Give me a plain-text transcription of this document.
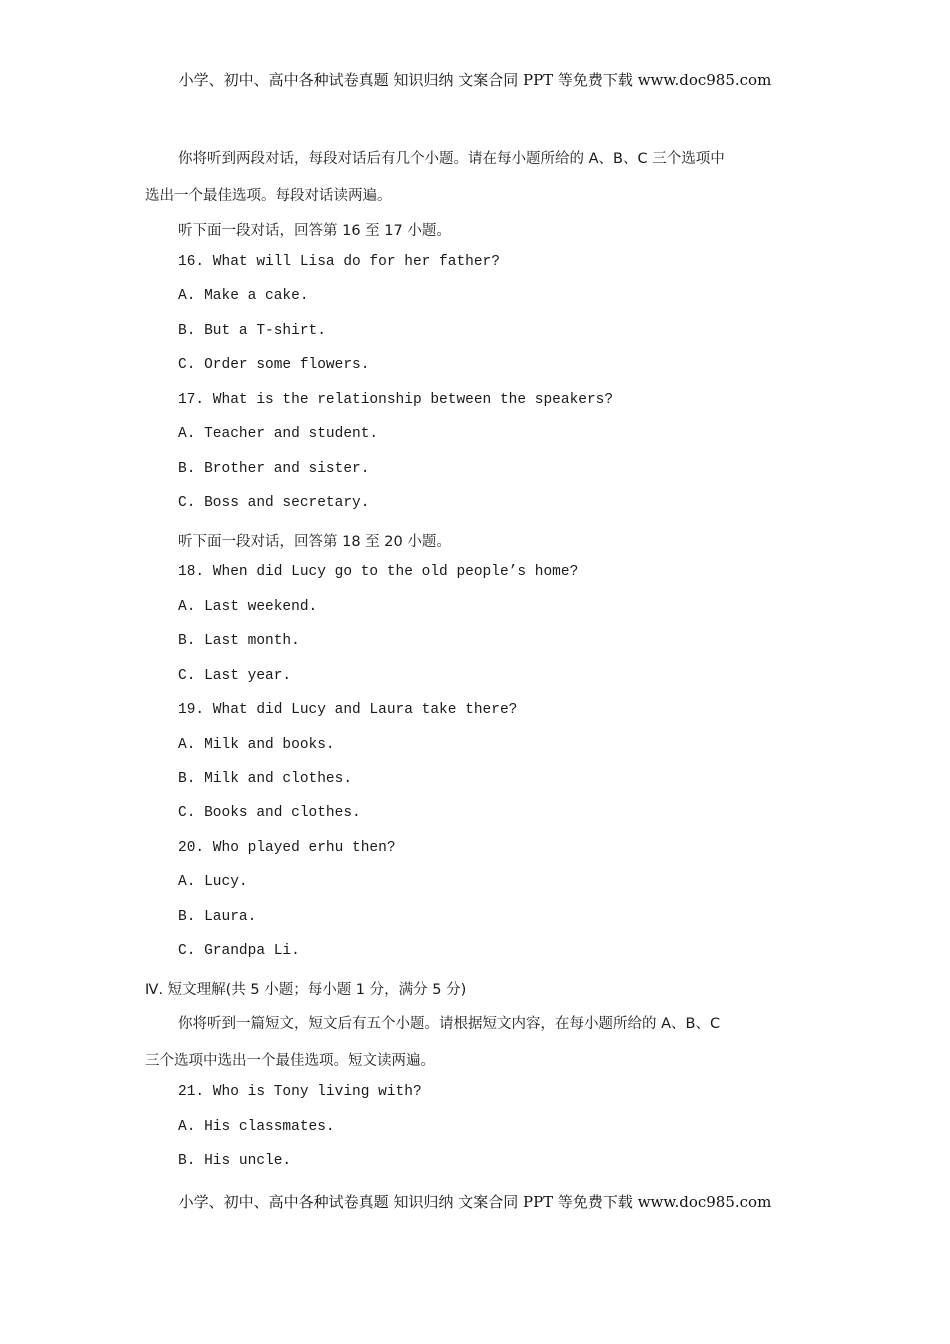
小学、初中、高中各种试卷真题 知识归纳 文案合同 PPT 等免费下载 www.doc985.com
你将听到两段对话，每段对话后有几个小题。请在每小题所给的 A、B、C 三个选项中
选出一个最佳选项。每段对话读两遍。
听下面一段对话，回答第 16 至 17 小题。
16. What will Lisa do for her father?
A. Make a cake.
B. But a T-shirt.
C. Order some flowers.
17. What is the relationship between the speakers?
A. Teacher and student.
B. Brother and sister.
C. Boss and secretary.
听下面一段对话，回答第 18 至 20 小题。
18. When did Lucy go to the old people’s home?
A. Last weekend.
B. Last month.
C. Last year.
19. What did Lucy and Laura take there?
A. Milk and books.
B. Milk and clothes.
C. Books and clothes.
20. Who played erhu then?
A. Lucy.
B. Laura.
C. Grandpa Li.
Ⅳ. 短文理解(共 5 小题；每小题 1 分，满分 5 分)
你将听到一篇短文，短文后有五个小题。请根据短文内容，在每小题所给的 A、B、C
三个选项中选出一个最佳选项。短文读两遍。
21. Who is Tony living with?
A. His classmates.
B. His uncle.
小学、初中、高中各种试卷真题 知识归纳 文案合同 PPT 等免费下载 www.doc985.com
